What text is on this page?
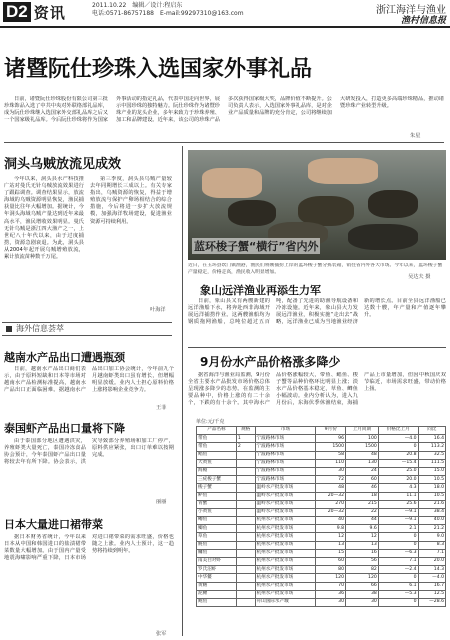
D2 资讯	2011.10.22 编辑／设计:程启东
电话:0571-86757188 E-mail:99297310@163.com	浙江海洋与渔业
渔村信息报
诸暨阮仕珍珠入选国家外事礼品

日前，诸暨阮仕珍珠股份有限公司第三批珍珠饰品入选了中共中央对外联络部礼品库，成为阮仕珍珠继入选国家外交部礼品库之后又一个国家级礼品库。今后阮仕珍珠将作为国家外事活动的指定礼品，代表中国走向世界，展示中国珍珠的独特魅力。阮仕珍珠作为诸暨珍珠产业的龙头企业，多年来致力于珍珠养殖、加工和品牌建设。近年来，该公司的珍珠产品多次获得国家级大奖，品牌价值不断提升。公司负责人表示，入选国家外事礼品库，是对企业产品质量和品牌的充分肯定，公司将继续加大研发投入，打造更多高端珍珠精品，推动诸暨珍珠产业转型升级。

朱星
洞头乌贼放流见成效

今年以来，洞头县水产科技推广站对曼氏无针乌贼放流效果进行了跟踪调查。调查结果显示，放流海域的乌贼资源明显恢复，渔民捕获量比往年大幅增加。据统计，今年洞头海域乌贼产量达到近年来最高水平，渔民增收效果明显。曼氏无针乌贼是浙江四大渔产之一，上世纪八十年代以来，由于过度捕捞，资源急剧衰退。为此，洞头县从2004年起开展乌贼增殖放流，累计放流苗种数千万尾。

第三季度，洞头县乌贼产量较去年同期增长三成以上。有关专家指出，乌贼资源的恢复，得益于增殖放流与保护产卵场相结合的综合措施，今后将进一步扩大放流规模，加强海洋牧场建设，促进渔业资源可持续利用。

叶海洋
蓝环梭子蟹“横行”省内外
近日，在玉环县坎门镇渔港，渔民们将刚捕捞上岸的蓝环梭子蟹分拣装箱，销往省内外各大市场。今年以来，蓝环梭子蟹产量稳定，价格走高，渔民收入明显增加。
吴达夫 摄
象山远洋渔业再添生力军

日前，象山县又有两艘新建的远洋渔船下水，将奔赴西非海域开展远洋捕捞作业。这两艘渔船均为钢质拖网渔船，总吨位超过五百吨，配备了先进的助渔导航设备和冷冻设施。近年来，象山县大力发展远洋渔业，积极实施“走出去”战略，远洋渔业已成为当地渔业经济新的增长点。目前全县远洋渔船已达数十艘，年产量和产值逐年攀升。

海外信息荟萃
越南水产品出口遭遇瓶颈

日前，越南水产品出口商们表示，由于原料短缺和日本等市场对越南水产品检测标准提高，越南水产品出口正面临困难。据越南水产品出口加工协会统计，今年前九个月越南虾类出口虽有增长，但增幅明显放缓。业内人士担心原料价格上涨将影响企业竞争力。

王菲
泰国虾产品出口量将下降

由于泰国部分地区遭遇洪灾，养殖虾类大量死亡，泰国冷冻食品协会预计，今年泰国虾产品出口量将较去年有所下降。协会表示，洪灾导致部分养殖场和加工厂停产，原料供应紧张，出口订单难以按期完成。

丽丽
日本大量进口裙带菜

据日本财务省统计，今年以来日本从中国和韩国进口的盐渍裙带菜数量大幅增加。由于国内产量受地震海啸影响严重下降，日本市场对进口裙带菜的需求旺盛，价格也随之上涨。业内人士预计，这一趋势将持续到明年。

张军
9月份水产品价格涨多降少

据省海洋与渔业局监测，9月份全省主要水产品批发市场价格总体呈现涨多降少的态势。在监测的主要品种中，价格上涨的有二十余个，下跌的有十余个。其中海水产品价格涨幅较大，带鱼、鲳鱼、梭子蟹等品种价格环比明显上涨；淡水产品价格基本稳定，草鱼、鲫鱼小幅波动。业内分析认为，进入九月份后，东海伏季休渔结束，海捕产品上市量增加，但因中秋国庆双节临近，市场需求旺盛，带动价格上扬。

单位:元/千克
产品名称	规格	市场	9月份	上月同期	价格比上月	同比
带鱼	1	宁波路林市场	96	100	—4.0	16.4
带鱼	2	宁波路林市场	1500	1500	0	113.2
鲳鱼		宁波路林市场	58	48	20.8	32.5
大黄鱼		宁波路林市场	110	130	—15.4	111.5
海鳗		宁波路林市场	30	24	25.0	15.0
三疣梭子蟹		宁波路林市场	72	60	20.0	10.5
梭子蟹		温岭水产批发市场	48	46	4.3	18.0
鲈鱼		温岭水产批发市场	20—32	18	11.1	10.5
青蟹		温岭水产批发市场	270	215	25.6	21.6
小黄鱼		温岭水产批发市场	20—32	22	—9.1	38.4
鳓鱼		杭州水产批发市场	40	44	—9.1	40.0
鲫鱼		杭州水产批发市场	9.8	9.6	2.1	21.2
草鱼		杭州水产批发市场	12	12	0	9.0
鲢鱼		杭州水产批发市场	13	13	0	8.3
鳙鱼		杭州水产批发市场	15	16	—6.3	7.1
南美白对虾		杭州水产批发市场	60	56	7.1	20.0
罗氏沼虾		杭州水产批发市场	80	82	—2.4	14.3
中华鳖		杭州水产批发市场	120	120	0	—4.0
黄鳝		杭州水产批发市场	70	66	6.1	16.7
泥鳅		杭州水产批发市场	36	38	—5.3	12.5
鲍鱼		舟山国际水产城	30	30	0	—28.6
